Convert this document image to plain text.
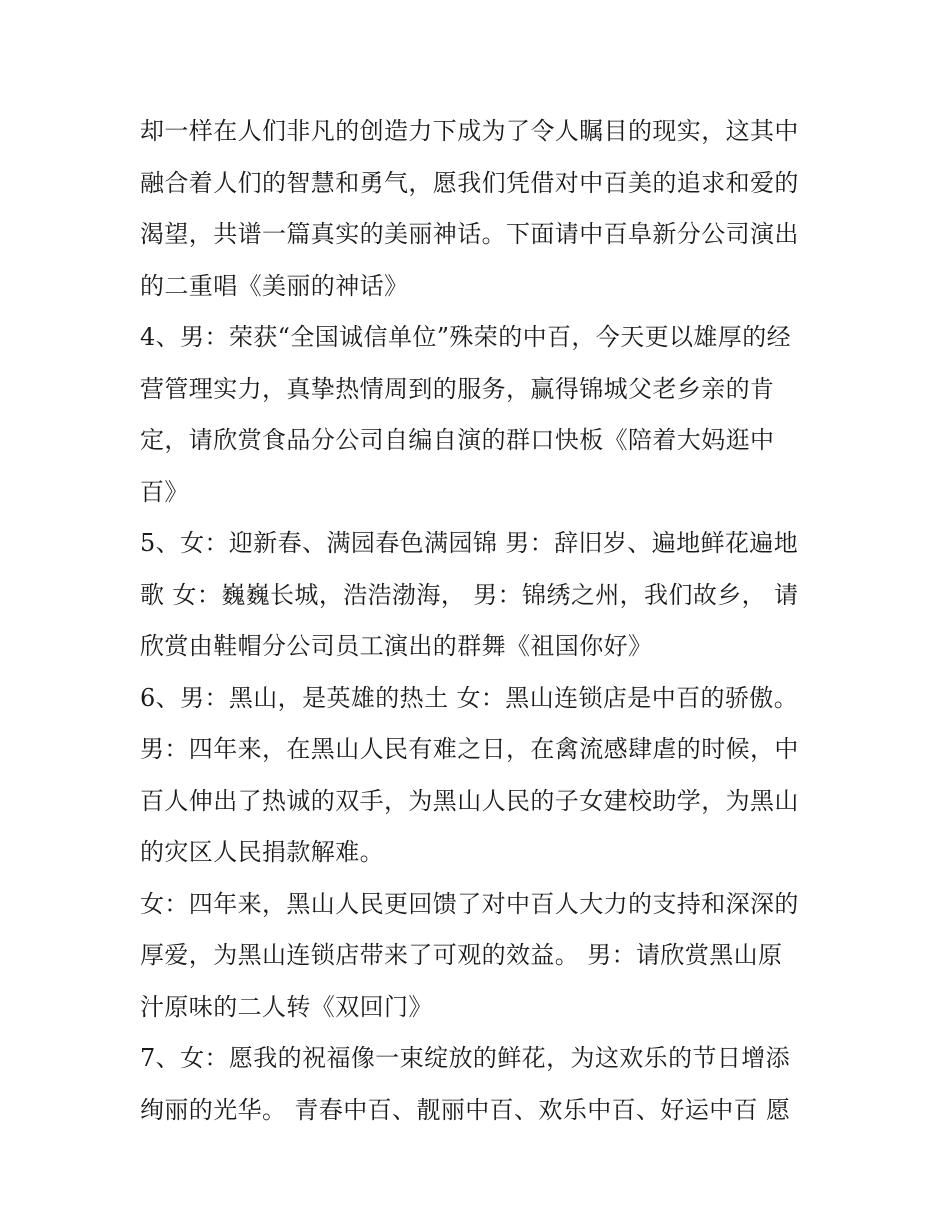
却一样在人们非凡的创造力下成为了令人瞩目的现实，这其中
融合着人们的智慧和勇气，愿我们凭借对中百美的追求和爱的
渴望，共谱一篇真实的美丽神话。下面请中百阜新分公司演出
的二重唱《美丽的神话》
4、男：荣获“全国诚信单位”殊荣的中百，今天更以雄厚的经
营管理实力，真挚热情周到的服务，赢得锦城父老乡亲的肯
定，请欣赏食品分公司自编自演的群口快板《陪着大妈逛中
百》
5、女：迎新春、满园春色满园锦 男：辞旧岁、遍地鲜花遍地
歌 女：巍巍长城，浩浩渤海， 男：锦绣之州，我们故乡， 请
欣赏由鞋帽分公司员工演出的群舞《祖国你好》
6、男：黑山，是英雄的热土 女：黑山连锁店是中百的骄傲。
男：四年来，在黑山人民有难之日，在禽流感肆虐的时候，中
百人伸出了热诚的双手，为黑山人民的子女建校助学，为黑山
的灾区人民捐款解难。
女：四年来，黑山人民更回馈了对中百人大力的支持和深深的
厚爱，为黑山连锁店带来了可观的效益。 男：请欣赏黑山原
汁原味的二人转《双回门》
7、女：愿我的祝福像一束绽放的鲜花，为这欢乐的节日增添
绚丽的光华。 青春中百、靓丽中百、欢乐中百、好运中百 愿
